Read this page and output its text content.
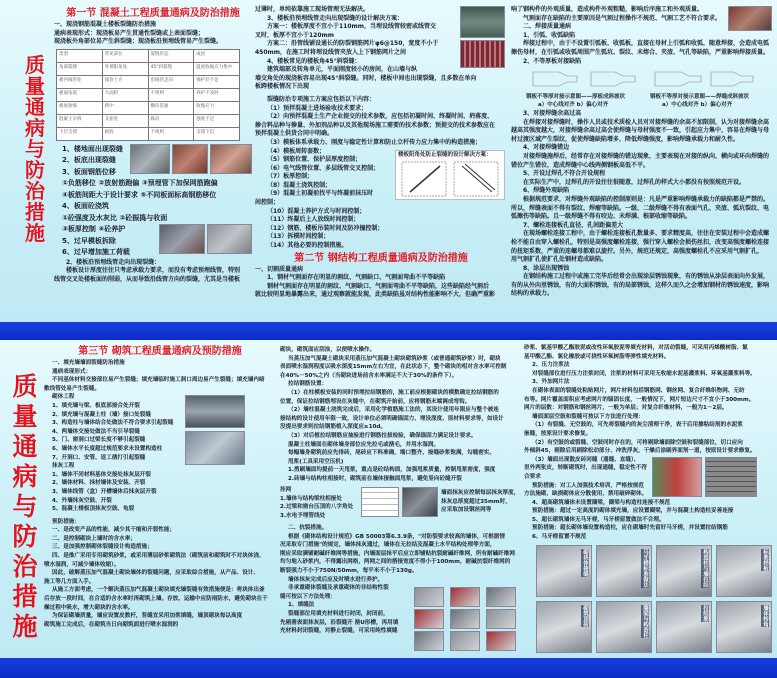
质
量
通
病
与
防
治
措
施
质
量
通
病
与
防
治
措
施

第一节 混凝土工程质量通病及防治措施

一、现浇钢筋混凝土楼板裂缝防治措施

通病表现形式：现浇板易产生贯通性裂缝或上表面裂缝；

现浇板外角部位易产生斜裂缝；现浇板沿预埋线管易产生裂缝。

类型	常见部位	裂缝形态	成因
角部裂缝	外墙阳角处	45°斜裂缝	温度收缩应力集中
板内线管处	线管上方	沿线管走向	保护层不足
板面龟裂	大面积	不规则	养护不及时
板底收缩	跨中	横向贯通	收缩应力
混凝土早拆	支座处	纵向	强度不足
下层支撑	板底	不规则	支撑下沉

1、楼地面出现裂缝

2、板底出现裂缝

3、板面钢筋位移

①负筋移位 ②放射筋跑偏 ③预埋管下加保网筋跑偏

④板筋间距大于设计要求 ⑤不同板面标高钢筋移位

4、板面砼浇筑

①砼强度及水灰比 ②砼振捣与收面

③板厚控制 ④砼养护

5、过早模板拆除

6、过早增加施工荷载

2、楼板沿预埋线管走向出现裂缝：

楼板设计厚度往往只考虑承载力要求，而没有考虑预埋线管，特别

线管交叉处楼板面的削弱，从而导致沿线管方向的裂缝，尤其是当楼板

过薄时，单纯依靠施工现场管理无法解决。

3、楼板沿预埋线管走向出现裂缝的设计解决方案：

方案一：楼板厚度不宜小于110mm，当埋设线管较密或线管交

叉时，板厚不宜小于120mm

方案二：沿管线铺设通长的防裂钢筋网片φ6@150，宽度不小于

450mm，在施工时将埋设线管夹放入上下钢筋网片之间

4、楼板常见的楼板角45°斜裂缝：

建筑端部及转角单元，平面刚度较小的房间，在山墙与纵

墙交角处的现浇板容易出现45°斜裂缝。同时，楼板中间也出现裂缝，且多数在单向

板跨楼板情况下出现

裂缝防治专项施工方案应包括以下内容：

（1）预拌混凝土进场验收技术要求；

（2）向预拌混凝土生产企业提交的技术参数，应包括初凝时间、终凝时间、坍落度、

掺合料品种与掺量、外加剂品种以及其他现场施工需要的技术参数；预提交的技术参数应在

预拌混凝土供货合同中明确。

（3）模板体系承载力、刚度与稳定性计算和防止立杆传力应力集中的构造措施；

（4）模板周转套数；

（5）钢筋位置、保护层厚度控制；

（6）电气线管位置、多层线管交叉控制；

（7）板厚控制；

（8）混凝土浇筑控制；

（9）混凝土初凝前找平与终凝前抹压时

间控制；

（10）混凝土养护方式与时间控制；

（11）终凝后上人放线时间控制；

（12）钢筋、楼板吊装时间及防冲撞控制；

（13）拆模时间控制；

（14）其他必要的控制措施。

第二节 钢结构工程质量通病及防治措施

一、切割质量通病

1、钢材气割面存在明显的割纹、气割缺口、气割面弯曲不平等缺陷

钢材气割面存在明显的割纹、气割缺口、气割面弯曲不平等缺陷，这些缺陷经气割后

就比较明显地暴露出来，通过观察就能发现，此类缺陷虽对结构性能影响不大，但确严重影

楼板阳角处防止裂缝的设计解决方案：

响了钢构件的外观质量，造成构件外观粗糙，影响后序施工和外观质量。

气割面存在缺陷的主要原因是气割过程操作不规范、气割工艺不符合要求。

二、焊接质量通病

1、引弧、收弧缺陷

焊接过程中，由于不设置引弧板、收弧板，直接在母材上引弧和收弧，随意焊接，会造成电弧

擦伤母材，在引弧或收弧周围产生弧坑、裂纹、未熔合、夹渣、气孔等缺陷，严重影响焊接质量。

2、不等厚板对接缺陷

钢板不等厚对接示意图——厚板成斜坡状
a）中心线对齐 b）偏心对齐
钢板不等厚对接示意图——焊缝成斜坡状
a）中心线对齐 b）偏心对齐

3、对接焊缝余高过高

在焊接对接焊缝时，操作人员或技术质检人员对对接焊缝的余高不加限制，认为对接焊缝余高

越高其强度越大，对接焊缝余高过高会使焊缝与母材强度不一致，引起应力集中，容易在焊缝与母

材过渡区域产生裂纹，促使焊缝缺陷增多，降低焊缝强度，影响焊缝承载力和耐久性。

4、对接焊缝错边

对接焊缝施焊后，经常存在对接焊缝的错边现象，主要表现在对接的纵向、横向或环向焊缝的

错位产生错位，造成焊缝中心线两侧钢板高低不平。

5、开设过焊孔不符合开设规程

在实际生产中，过焊孔的开设往往很随意，过焊孔的样式大小都没有按照规范开设。

6、焊缝外观缺陷

根据规范要求，对焊缝外观缺陷的控制原则是：凡是严重影响焊缝承载力的缺陷都是严禁的。

所以，焊缝表面不得有裂纹、焊瘤等缺陷。一级、二级焊缝不得有表面气孔、夹渣、弧坑裂纹、电

弧擦伤等缺陷。且一级焊缝不得有咬边、未焊满、根部收缩等缺陷。

7、螺栓连接板孔直径、孔间距偏差大

在现场螺栓连接工程中，由于螺栓连接板孔数量多、要求精度高，往往在安装过程中会造成螺

栓不能自由穿入螺栓孔，特别是高强度螺栓连接，强行穿入螺栓会损伤丝扣，改变高强度螺栓连接

的扭矩系数，严重的连螺母都难以旋拧。另外，规范还规定，高强度螺栓孔不应采用气割扩孔，

用气割扩孔使扩孔处钢材造成缺陷。

8、涂层出现锈蚀

在钢结构施工过程中或施工完毕后经常会出现涂层锈蚀现象，有的锈蚀从涂层表面向外发展，

有的从外向里锈蚀，有的大面积锈蚀，有的局部锈蚀，这样久而久之会增加钢材的锈蚀速度，影响

结构的承载力。

第三节 砌筑工程质量通病及预防措施

一、填充墙墙面裂缝防治措施

通病表现形式：

不同基体材料交接部位易产生裂缝；填充墙临时施工洞口周边易产生裂缝；填充墙内暗

敷线管处易产生裂缝。

砌体工程

1、填充墙与梁、板底部接合处开裂

2、填充墙与混凝土柱（墙）接口处裂缝

3、构造柱与墙体结合处做法不符合要求引起裂缝

4、两墙体交接处做法不当引导裂缝

5、门、窗洞口过梁长度不够引起裂缝

6、墙体水平长度超过规范要求未设置构造柱

7、开洞口、安管、返工凿打引起裂缝

抹灰工程

1、墙体不同材料基体交接处抹灰层开裂

2、墙体材料、抹材墙体及安装、开裂

3、墙体线管（盒）开槽墙体后抹灰层开裂

4、外墙抹灰空鼓、开裂

5、混凝土楼板顶抹灰空鼓、龟裂

预防措施：

一、是改变产品的性能，减少其干缩和开裂性能；

二、是控制砌块上墙时的含水率；

三、是加强控制砌体裂缝设计构造措施；

四、是推广采用专用砌筑砂浆，或采用薄层砂浆砌筑法（砌筑前和砌筑时不对块体浇、

喷水湿润，可减少墙体收缩）。

因此，破解蒸压加气混凝土砌块墙体的裂缝问题，应采取综合措施，从产品、设计、

施工等几方面入手。

从施工方面考虑，一个解决蒸压加气混凝土砌块填充墙裂缝有效措施便是：将块体出釜

后存放一段时间，在合适的含水率时再砌筑上墙。存放、运输中应防雨防水，避免砌块在干

燥过程中吸水，增大砌块的含水率。

为保证砌墙质量，墙应设置皮数杆，竖缝宜采用加浆填缝，墙顶砌块每以高度

砌筑施工完成后，在砌筑当日向砌筑面进行喷水湿润的

砌块，砌筑面应刮涂，以便喷水操作。

当蒸压加气混凝土砌块采用蒸压加气混凝土砌块砌筑砂浆（或普通砌筑砂浆）时，砌块

表面喷水湿润程度以吸水深度15mm左右为宜，在此状态下，整个砌块的相对含水率可控制

在40%－50%之内（当砌块进场前含水率满足不大于30%的条件下）。

拉结钢筋设置：

（1）在柱模板安装的同时预埋拉结钢筋的，施工前应根据砌块的模数确定拉结钢筋的

位置，保证拉结钢筋埋设在灰缝中，在砌筑开始前，应将钢筋末端调成弯钩。

（2）墙柱混凝土浇筑完成后，采用化学植筋施工法的，其设计使用年限应与整个被连

接结构的设计使用年限一致，设计单位必须明确锚固力、埋设深度、原材料要求等，如设计

没提出要求则拉结钢筋植入深度应≥10d。

（3）对后植拉结钢筋应抽验进行钢筋拉拔检验，确保锚固力满足设计要求。

混凝土柱墙面在砌体墙身部位应先拉毛或凿毛，并用水湿润。

每幅墙身砌筑前应先排砖，尾砖应下料准确，端口整齐，接缝砂浆饱满，勾缝密实。

甩浆(工具采用空压机)

1.剪刷墙面均提前一天甩浆，重点是砼结构面，加强甩浆质量，控制甩浆密度，强度

2.砖墙与结构柱相接时，砌筑前在墙体接触面甩浆，避免竖向砼缝开裂

挂网

1.墙体与结构梁柱相接处

2.过梁和窗台压顶的八字角处

3.水电予埋管线处

墙面抹灰应控制每层抹灰厚度，

抹灰总厚度超过35mm时，

应采取加设钢丝网等

二、抗裂措施。

根据《砌体结构设计规范》GB 50003第6.3.9条，"对防裂要求较高的墙体，可根据情

况采取专门措施"的规定，墙体抹灰通过，墙体在无拉结及混凝土水平结构处理等方面，

刚应采取满铺耐碱纤维网等措施，内墙面层抹平后应立即铺贴抗裂耐碱纤维网，所有耐碱纤维网

均匀地入砂浆内，不得露出网格，两网之间的搭接宽度不得小于100mm，耐碱抗裂纤维网的

断裂强力不小于750N/50mm，每平米不小于130g。

墙体抹灰完成后应及时喷水进行养护。

非承重砌体裂缝及承重砌体的非结构性裂

缝可按以下方法处理：

1、填缝法

裂缝部位用填充材料进行封闭，封闭前，

先剔凿表面抹灰层，沿裂缝开 凿U形槽，再用填

充材料封闭裂缝，对静止裂缝，可采用纯性填缝

砂浆、氯基甲酸乙酯胶泥或改性环氧胶泥等填充材料，对活动裂缝，可采用丙烯酸树脂、氯

基甲酸乙酯、氯化橡胶或可挠性环氧树脂等弹性填充材料。

2、压力注浆法

对裂缝部位进行压力注浆封闭，注浆的材料可采用无收缩水泥基灌浆料、环氧基灌浆料等。

3、外加网片法

在砌体表面的裂缝处粘贴网片，网片材料包括钢筋网、钢丝网、复合纤维织物网、无纺

布等。网片覆盖面积应考虑网片的锚固长度，一般情况下，网片短边尺寸不宜小于300mm。

网片的层数：对钢筋和钢丝网片，一般为单层；对复合纤维材料，一般为1－2层。

墙面面层空鼓和裂缝可按以下方法进行处理：

（1）有裂缝、无空鼓的，可先将裂缝内的灰尘清理干净，表干后用掺粘结剂的水泥浆

嵌缝，按原设计要求修复。

（2）有空鼓的或裂缝、空鼓同时存在的，可将剔除墙面除空鼓和裂缝部位，切口应向

外倾斜45，剔除后用刷除松动部分、冲洗浮灰，干燥后涂刷界面剂一道，按原设计要求修复。

（3）墙面出现散皮砖同缝（通缝、直缝）、

里外两张皮，转断砌筑时，出现通缝，稳定性不符

合要求

预防措施：对工人加强技术培训，严格按规范

方法施砌，缺损砌体应分散使用，禁用破碎砌体。

4、超高砌筑墙体未设置圈梁，圈梁与构造柱连接不规范

预防措施：超过一定高度的砌体填充墙，应设置圈梁，并与混凝土构造柱妥善连接

5、超长砌筑墙体无马牙槎，马牙槎留置做法不合理。

预防措施：超长砌体墙设置构造柱，应在砌墙时先留好马牙槎，并设置拉结钢筋

6、马牙槎留置不规范

砌块体接缝	马牙槎标准做法	构造柱与墙拉结	标准样板
砌筑顶砖	圈梁与构造柱	拉结筋	墙体转角
